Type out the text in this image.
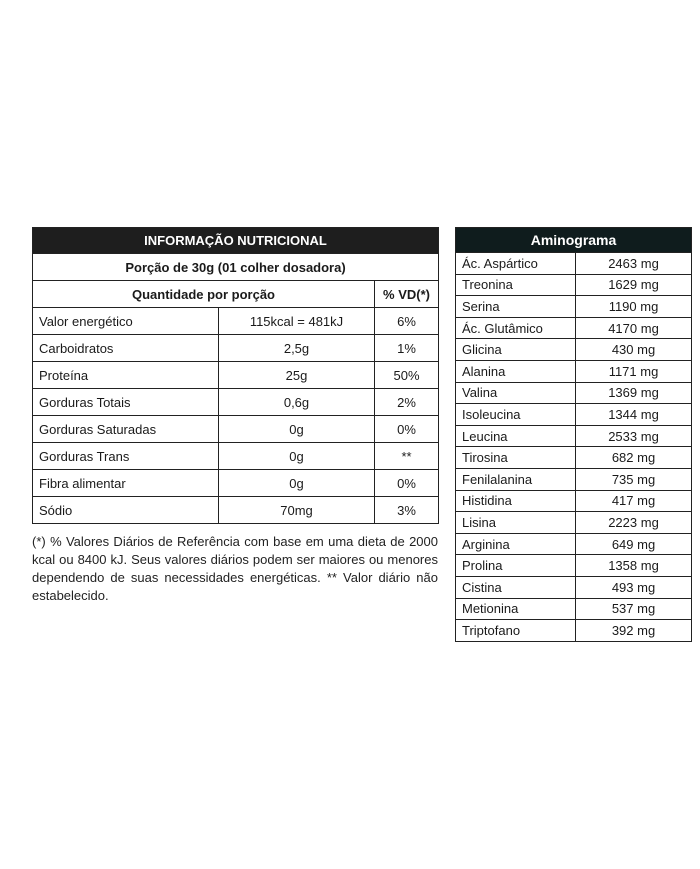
INFORMAÇÃO NUTRICIONAL		
Porção de 30g (01 colher dosadora)		
Quantidade por porção		% VD(*)
Valor energético	115kcal = 481kJ	6%
Carboidratos	2,5g	1%
Proteína	25g	50%
Gorduras Totais	0,6g	2%
Gorduras Saturadas	0g	0%
Gorduras Trans	0g	**
Fibra alimentar	0g	0%
Sódio	70mg	3%
(*) % Valores Diários de Referência com base em uma dieta de 2000 kcal ou 8400 kJ. Seus valores diários podem ser maiores ou menores dependendo de suas necessidades energéticas. ** Valor diário não estabelecido.
Aminograma	
Ác. Aspártico	2463 mg
Treonina	1629 mg
Serina	1190 mg
Ác. Glutâmico	4170 mg
Glicina	430 mg
Alanina	1171 mg
Valina	1369 mg
Isoleucina	1344 mg
Leucina	2533 mg
Tirosina	682 mg
Fenilalanina	735 mg
Histidina	417 mg
Lisina	2223 mg
Arginina	649 mg
Prolina	1358 mg
Cistina	493 mg
Metionina	537 mg
Triptofano	392 mg
